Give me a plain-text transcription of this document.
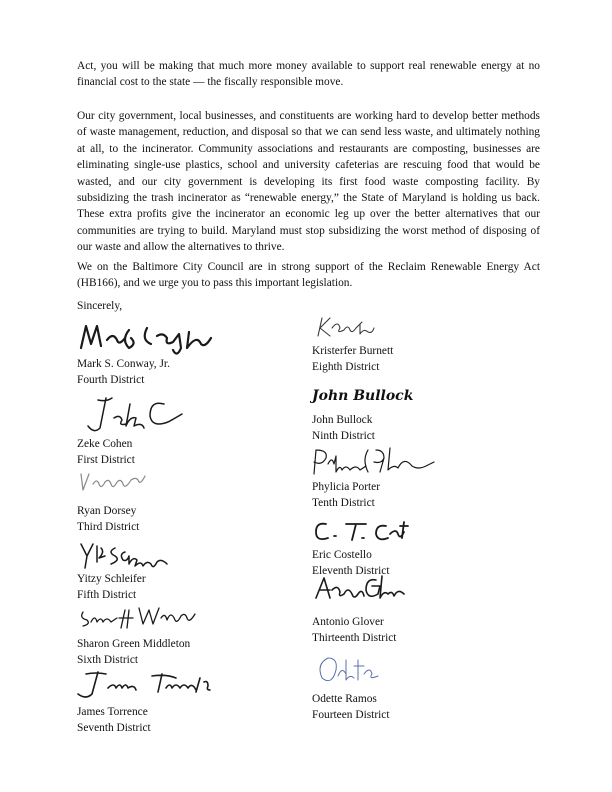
Act, you will be making that much more money available to support real renewable energy at no financial cost to the state — the fiscally responsible move.

Our city government, local businesses, and constituents are working hard to develop better methods of waste management, reduction, and disposal so that we can send less waste, and ultimately nothing at all, to the incinerator. Community associations and restaurants are composting, businesses are eliminating single-use plastics, school and university cafeterias are rescuing food that would be wasted, and our city government is developing its first food waste composting facility. By subsidizing the trash incinerator as “renewable energy,” the State of Maryland is holding us back. These extra profits give the incinerator an economic leg up over the better alternatives that our communities are trying to build. Maryland must stop subsidizing the worst method of disposing of our waste and allow the alternatives to thrive.

We on the Baltimore City Council are in strong support of the Reclaim Renewable Energy Act (HB166), and we urge you to pass this important legislation.

Sincerely,
Mark S. Conway, Jr.
Fourth District
Zeke Cohen
First District
Ryan Dorsey
Third District
Yitzy Schleifer
Fifth District
Sharon Green Middleton
Sixth District
James Torrence
Seventh District
Kristerfer Burnett
Eighth District
John Bullock
John Bullock
Ninth District
Phylicia Porter
Tenth District
Eric Costello
Eleventh District
Antonio Glover
Thirteenth District
Odette Ramos
Fourteen District
